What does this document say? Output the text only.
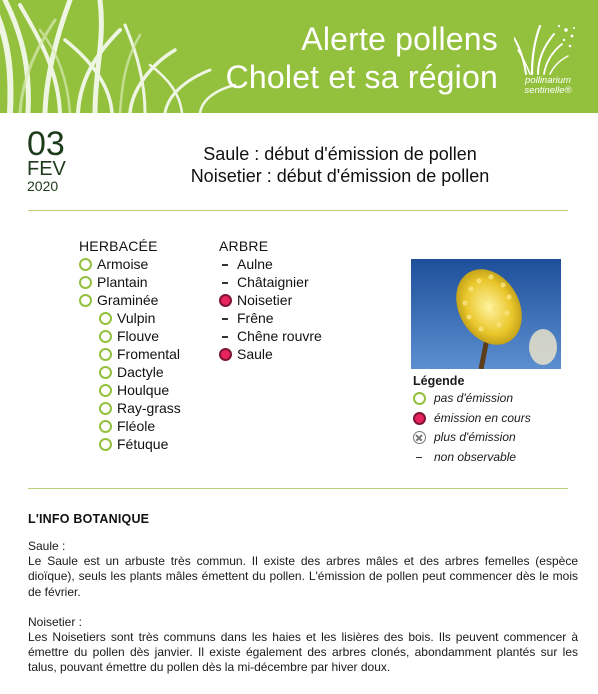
Alerte pollens
Cholet et sa région	pollinarium
sentinelle®
03
FEV
2020
Saule : début d'émission de pollen
Noisetier : début d'émission de pollen
HERBACÉE
Armoise
Plantain
Graminée
Vulpin
Flouve
Fromental
Dactyle
Houlque
Ray-grass
Fléole
Fétuque
ARBRE
Aulne
Châtaignier
Noisetier
Frêne
Chêne rouvre
Saule
Légende
pas d'émission
émission en cours
plus d'émission
non observable
L'INFO BOTANIQUE

Saule :

Le Saule est un arbuste très commun. Il existe des arbres mâles et des arbres femelles (espèce dioïque), seuls les plants mâles émettent du pollen. L'émission de pollen peut commencer dès le mois de février.

Noisetier :

Les Noisetiers sont très communs dans les haies et les lisières des bois. Ils peuvent commencer à émettre du pollen dès janvier. Il existe également des arbres clonés, abondamment plantés sur les talus, pouvant émettre du pollen dès la mi-décembre par hiver doux.
